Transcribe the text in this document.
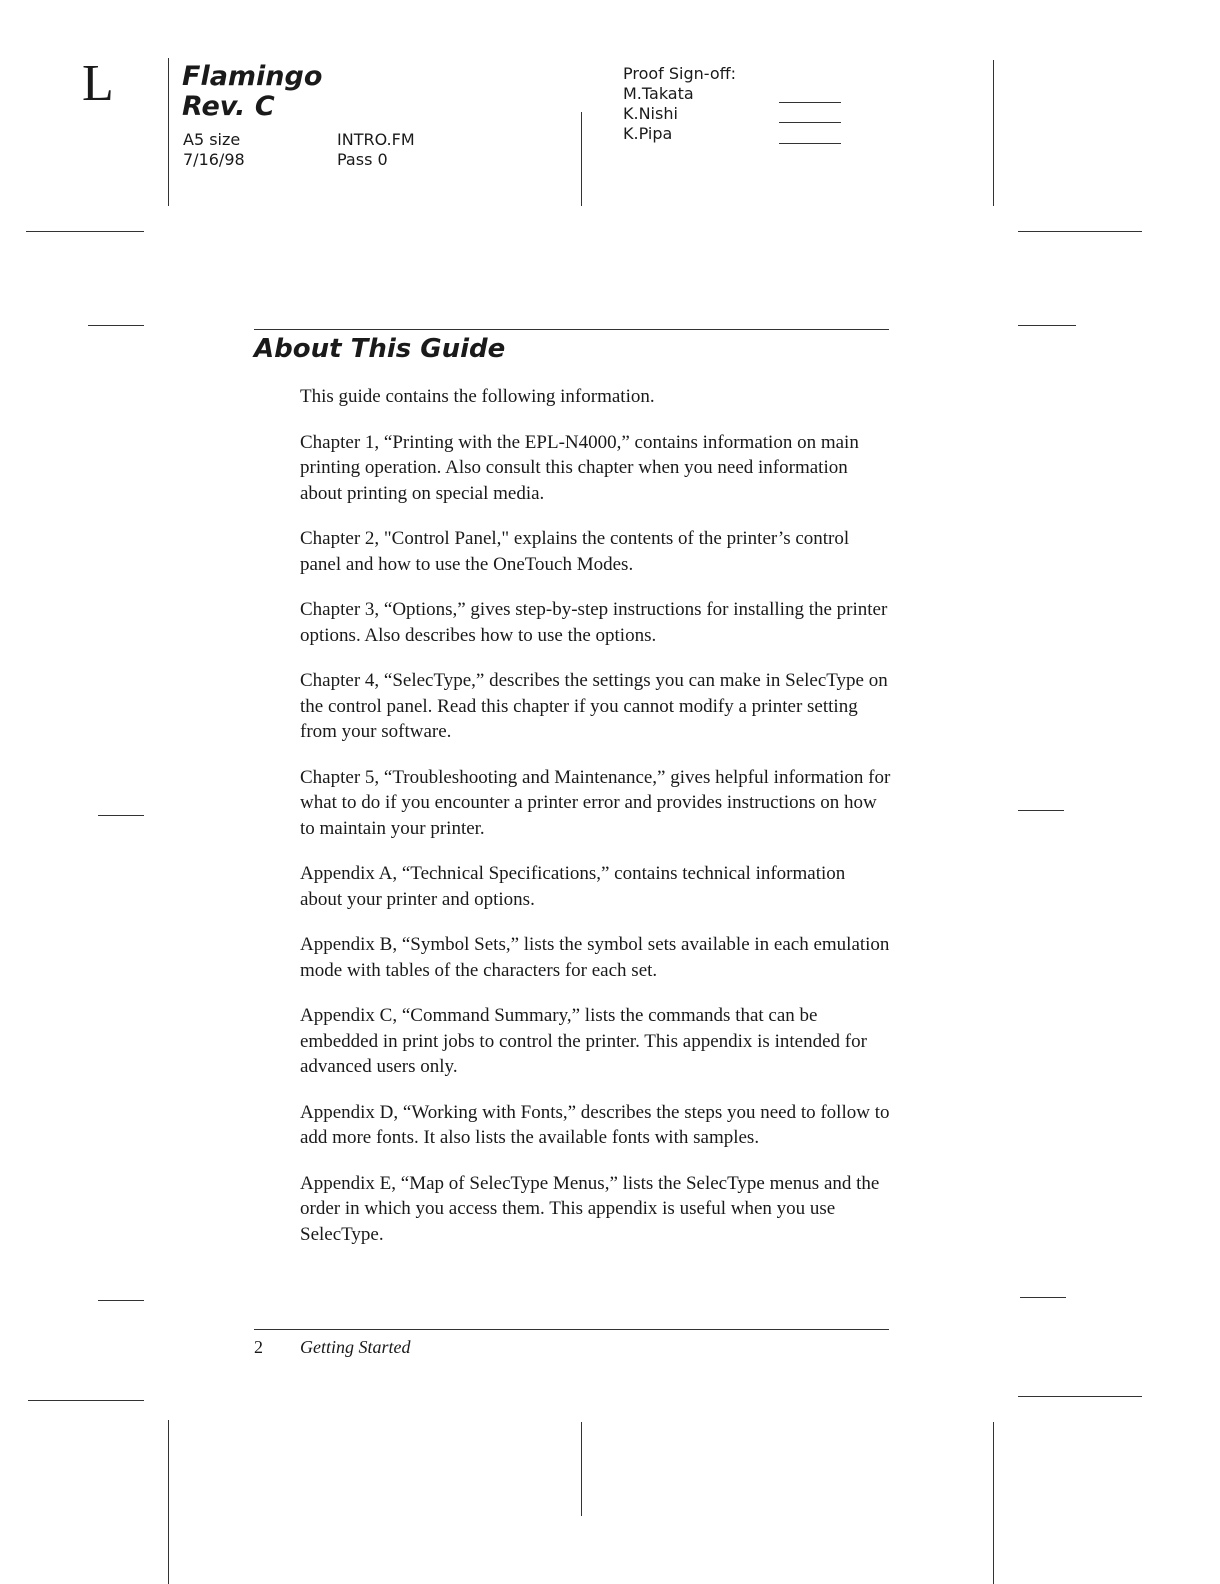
L	Flamingo
Rev. C
A5 size
7/16/98
INTRO.FM
Pass 0
Proof Sign-off:
M.Takata
K.Nishi
K.Pipa
About This Guide

This guide contains the following information.

Chapter 1, “Printing with the EPL-N4000,” contains information on main printing operation. Also consult this chapter when you need information about printing on special media.

Chapter 2, "Control Panel," explains the contents of the printer’s control panel and how to use the OneTouch Modes.

Chapter 3, “Options,” gives step-by-step instructions for installing the printer options. Also describes how to use the options.

Chapter 4, “SelecType,” describes the settings you can make in SelecType on the control panel. Read this chapter if you cannot modify a printer setting from your software.

Chapter 5, “Troubleshooting and Maintenance,” gives helpful information for what to do if you encounter a printer error and provides instructions on how to maintain your printer.

Appendix A, “Technical Specifications,” contains technical information about your printer and options.

Appendix B, “Symbol Sets,” lists the symbol sets available in each emulation mode with tables of the characters for each set.

Appendix C, “Command Summary,” lists the commands that can be embedded in print jobs to control the printer. This appendix is intended for advanced users only.

Appendix D, “Working with Fonts,” describes the steps you need to follow to add more fonts. It also lists the available fonts with samples.

Appendix E, “Map of SelecType Menus,” lists the SelecType menus and the order in which you access them. This appendix is useful when you use SelecType.

2 Getting Started
